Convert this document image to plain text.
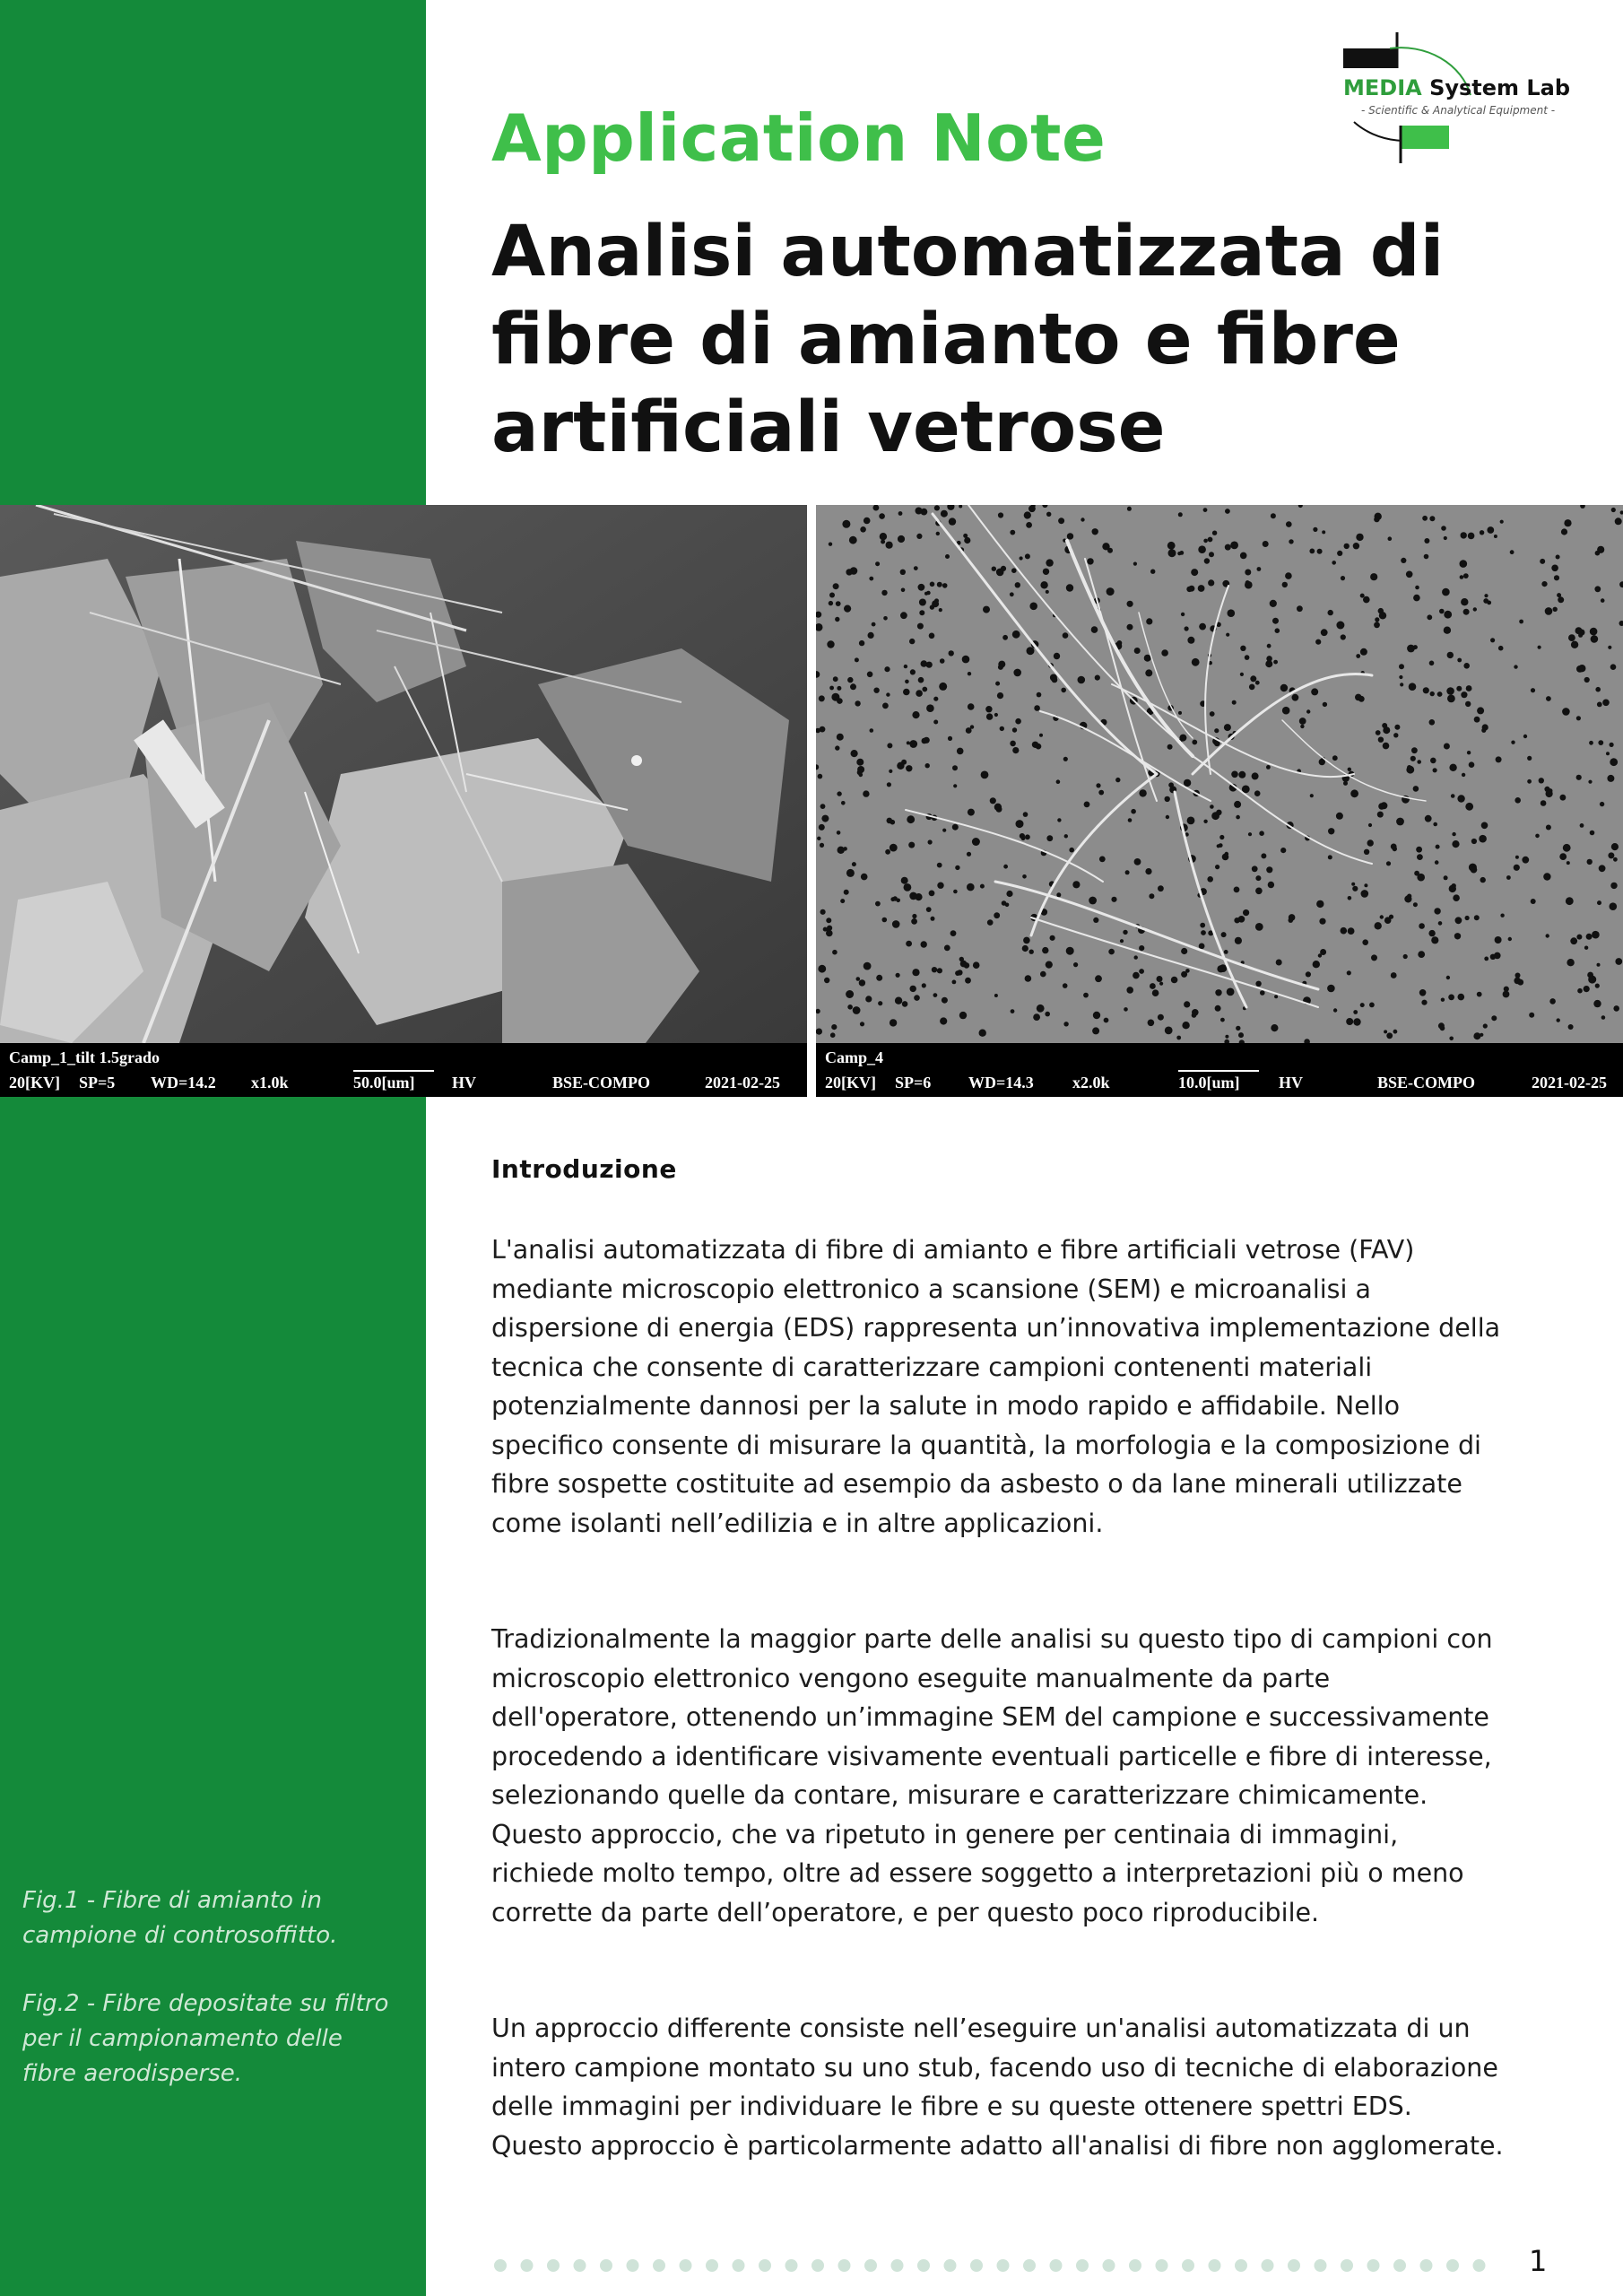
Application Note
Analisi automatizzata di fibre di amianto e fibre artificiali vetrose
MEDIA System Lab
- Scientific & Analytical Equipment -
Camp_1_tilt 1.5grado
20[KV] SP=5 WD=14.2 x1.0k	50.0[um]	HV	BSE-COMPO	2021-02-25
Camp_4
20[KV] SP=6 WD=14.3 x2.0k	10.0[um]	HV	BSE-COMPO	2021-02-25
Introduzione
L'analisi automatizzata di fibre di amianto e fibre artificiali vetrose (FAV) mediante microscopio elettronico a scansione (SEM) e microanalisi a dispersione di energia (EDS) rappresenta un’innovativa implementazione della tecnica che consente di caratterizzare campioni contenenti materiali potenzialmente dannosi per la salute in modo rapido e affidabile. Nello specifico consente di misurare la quantità, la morfologia e la composizione di fibre sospette costituite ad esempio da asbesto o da lane minerali utilizzate come isolanti nell’edilizia e in altre applicazioni.
Tradizionalmente la maggior parte delle analisi su questo tipo di campioni con microscopio elettronico vengono eseguite manualmente da parte dell'operatore, ottenendo un’immagine SEM del campione e successivamente procedendo a identificare visivamente eventuali particelle e fibre di interesse, selezionando quelle da contare, misurare e caratterizzare chimicamente. Questo approccio, che va ripetuto in genere per centinaia di immagini, richiede molto tempo, oltre ad essere soggetto a interpretazioni più o meno corrette da parte dell’operatore, e per questo poco riproducibile.
Un approccio differente consiste nell’eseguire un'analisi automatizzata di un intero campione montato su uno stub, facendo uso di tecniche di elaborazione delle immagini per individuare le fibre e su queste ottenere spettri EDS. Questo approccio è particolarmente adatto all'analisi di fibre non agglomerate.
Fig.1 - Fibre di amianto in campione di controsoffitto.
Fig.2 - Fibre depositate su filtro per il campionamento delle fibre aerodisperse.
1
